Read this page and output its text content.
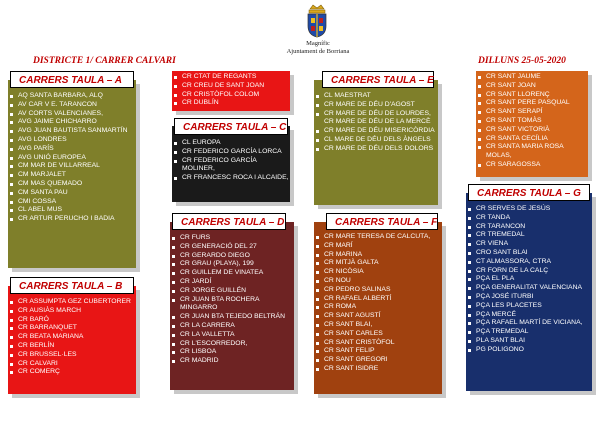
Magnífic
Ajuntament de Borriana
DISTRICTE 1/ CARRER CALVARI	DILLUNS 25-05-2020
AQ SANTA BARBARA, ALQ
AV CAR V E. TARANCON
AV CORTS VALENCIANES,
AVG JAIME CHICHARRO
AVG JUAN BAUTISTA SANMARTÍN
AVG LONDRES
AVG PARÍS
AVG UNIÓ EUROPEA
CM MAR DE VILLARREAL
CM MARJALET
CM MAS QUEMADO
CM SANTA PAU
CMI COSSA
CL ABEL MUS
CR ARTUR PERUCHO I BADIA
CARRERS TAULA – A
CR ASSUMPTA GEZ CUBERTORER
CR AUSIÀS MARCH
CR BARÓ
CR BARRANQUET
CR BEATA MARIANA
CR BERLÍN
CR BRUSSEL·LES
CR CALVARI
CR COMERÇ
CARRERS TAULA – B
CR CTAT DE REGANTS
CR CREU DE SANT JOAN
CR CRISTÒFOL COLOM
CR DUBLÍN
CL EUROPA
CR FEDERICO GARCÍA LORCA
CR FEDERICO GARCÍA MOLINER,
CR FRANCESC ROCA I ALCAIDE,
CARRERS TAULA – C
CR FURS
CR GENERACIÓ DEL 27
CR GERARDO DIEGO
CR GRAU (PLAYA), 199
CR GUILLEM DE VINATEA
CR JARDÍ
CR JORGE GUILLÉN
CR JUAN BTA ROCHERA MINGARRO
CR JUAN BTA TEJEDO BELTRÁN
CR LA CARRERA
CR LA VALLETTA
CR L'ESCORREDOR,
CR LISBOA
CR MADRID
CARRERS TAULA – D
CL MAESTRAT
CR MARE DE DÉU D'AGOST
CR MARE DE DÉU DE LOURDES, CR MARE DE DÉU DE LA MERCÈ
CR MARE DE DÉU MISERICÒRDIA
CL MARE DE DÉU DELS ÀNGELS
CR MARE DE DÉU DELS DOLORS
CARRERS TAULA – E
CR MARE TERESA DE CALCUTA,
CR MARÍ
CR MARINA
CR MITJÀ GALTA
CR NICÒSIA
CR NOU
CR PEDRO SALINAS
CR RAFAEL ALBERTÍ
CR ROMA
CR SANT AGUSTÍ
CR SANT BLAI,
CR SANT CARLES
CR SANT CRISTÒFOL
CR SANT FELIP
CR SANT GREGORI
CR SANT ISIDRE
CARRERS TAULA – F
CR SANT JAUME
CR SANT JOAN
CR SANT LLORENÇ
CR SANT PERE PASQUAL
CR SANT SERAPÍ
CR SANT TOMÀS
CR SANT VICTORIÀ
CR SANTA CECÍLIA
CR SANTA MARIA ROSA MOLAS,
CR SARAGOSSA
CR SERVES DE JESÚS
CR TANDA
CR TARANCON
CR TREMEDAL
CR VIENA
CRO SANT BLAI
CT ALMASSORA, CTRA
CR FORN DE LA CALÇ
PÇA EL PLA
PÇA GENERALITAT VALENCIANA
PÇA JOSÉ ITURBI
PÇA LES PLACETES
PÇA MERCÉ
PÇA RAFAEL MARTÍ DE VICIANA,
PÇA TREMEDAL
PLA SANT BLAI
PG POLIGONO
CARRERS TAULA – G
